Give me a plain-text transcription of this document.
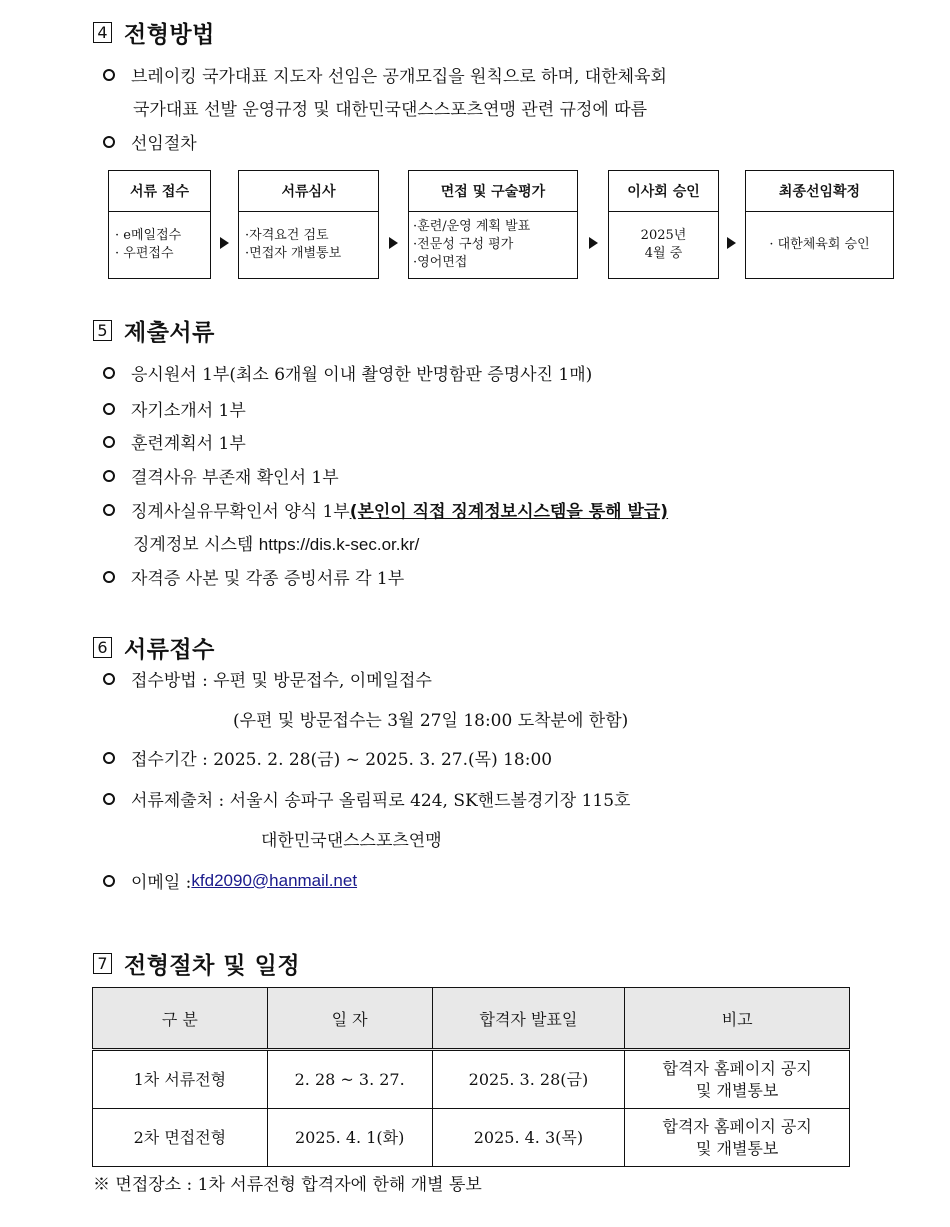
4 전형방법
브레이킹 국가대표 지도자 선임은 공개모집을 원칙으로 하며, 대한체육회
국가대표 선발 운영규정 및 대한민국댄스스포츠연맹 관련 규정에 따름
선임절차
서류 접수
· e메일접수
· 우편접수
서류심사
·자격요건 검토
·면접자 개별통보
면접 및 구술평가
·훈련/운영 계획 발표
·전문성 구성 평가
·영어면접
이사회 승인
2025년
4월 중
최종선임확정
· 대한체육회 승인
5 제출서류
응시원서 1부(최소 6개월 이내 촬영한 반명함판 증명사진 1매)
자기소개서 1부
훈련계획서 1부
결격사유 부존재 확인서 1부
징계사실유무확인서 양식 1부 (본인이 직접 징계정보시스템을 통해 발급)
징계정보 시스템 https://dis.k-sec.or.kr/
자격증 사본 및 각종 증빙서류 각 1부
6 서류접수
접수방법 : 우편 및 방문접수, 이메일접수
(우편 및 방문접수는 3월 27일 18:00 도착분에 한함)
접수기간 : 2025. 2. 28(금) ~ 2025. 3. 27.(목) 18:00
서류제출처 : 서울시 송파구 올림픽로 424, SK핸드볼경기장 115호
대한민국댄스스포츠연맹
이메일 : kfd2090@hanmail.net
7 전형절차 및 일정
구 분	일 자	합격자 발표일	비고
1차 서류전형	2. 28 ~ 3. 27.	2025. 3. 28(금)	합격자 홈페이지 공지
및 개별통보

2차 면접전형	2025. 4. 1(화)	2025. 4. 3(목)	합격자 홈페이지 공지
및 개별통보
※ 면접장소 : 1차 서류전형 합격자에 한해 개별 통보
